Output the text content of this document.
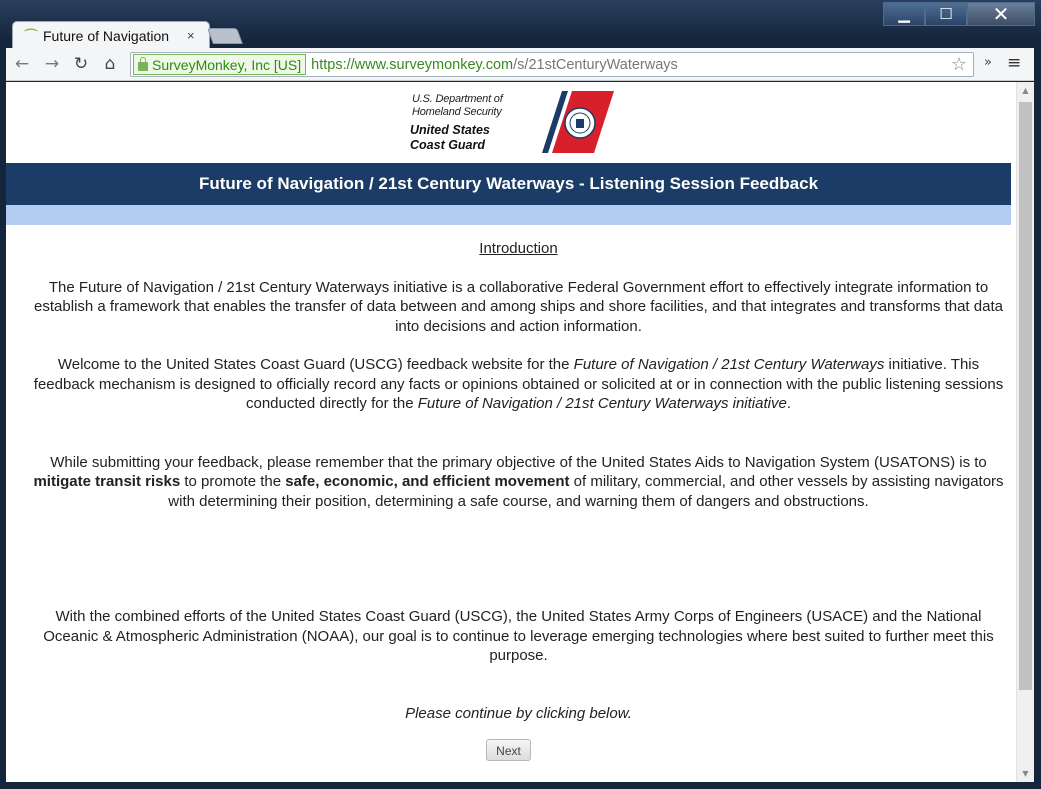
▁ ☐ ✕
⌒ Future of Navigation	×
← → ↻ ⌂	SurveyMonkey, Inc [US] https://www.surveymonkey.com/s/21stCenturyWaterways	☆ » ≡
U.S. Department of
Homeland Security
United States
Coast Guard
Future of Navigation / 21st Century Waterways - Listening Session Feedback

Introduction

The Future of Navigation / 21st Century Waterways initiative is a collaborative Federal Government effort to effectively integrate information to establish a framework that enables the transfer of data between and among ships and shore facilities, and that integrates and transforms that data into decisions and action information.

Welcome to the United States Coast Guard (USCG) feedback website for the Future of Navigation / 21st Century Waterways initiative. This feedback mechanism is designed to officially record any facts or opinions obtained or solicited at or in connection with the public listening sessions conducted directly for the Future of Navigation / 21st Century Waterways initiative.

While submitting your feedback, please remember that the primary objective of the United States Aids to Navigation System (USATONS) is to mitigate transit risks to promote the safe, economic, and efficient movement of military, commercial, and other vessels by assisting navigators with determining their position, determining a safe course, and warning them of dangers and obstructions.

With the combined efforts of the United States Coast Guard (USCG), the United States Army Corps of Engineers (USACE) and the National Oceanic & Atmospheric Administration (NOAA), our goal is to continue to leverage emerging technologies where best suited to further meet this purpose.

Please continue by clicking below.

Next
▲
▼
